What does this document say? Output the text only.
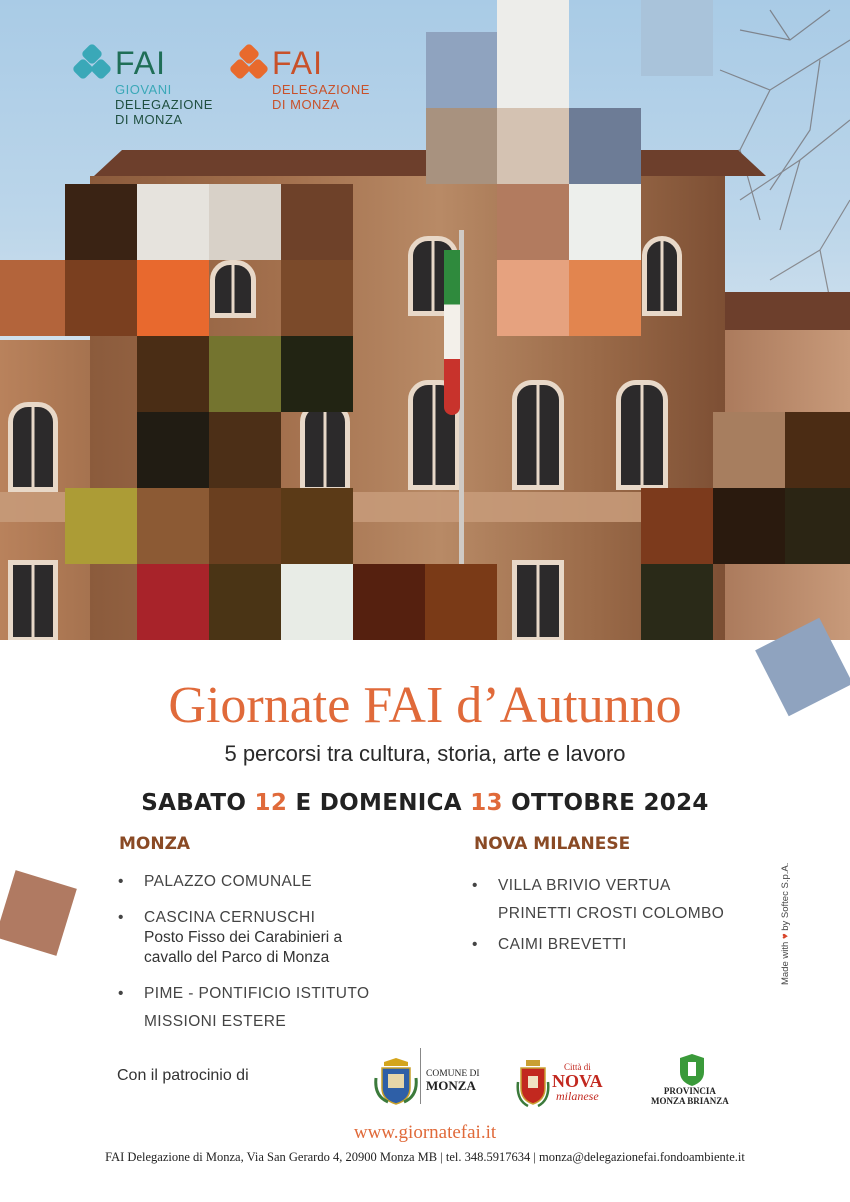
FAI
GIOVANI
DELEGAZIONE
DI MONZA
FAI
DELEGAZIONE
DI MONZA
Giornate FAI d’Autunno
5 percorsi tra cultura, storia, arte e lavoro
SABATO 12 E DOMENICA 13 OTTOBRE 2024
MONZA
• PALAZZO COMUNALE
• CASCINA CERNUSCHI
Posto Fisso dei Carabinieri a
cavallo del Parco di Monza
• PIME - PONTIFICIO ISTITUTO
MISSIONI ESTERE
NOVA MILANESE
• VILLA BRIVIO VERTUA
PRINETTI CROSTI COLOMBO
• CAIMI BREVETTI	Made with ♥ by Softec S.p.A.
Con il patrocinio di	COMUNE DI
MONZA
Città di
NOVA
milanese	PROVINCIA
MONZA BRIANZA
www.giornatefai.it
FAI Delegazione di Monza, Via San Gerardo 4, 20900 Monza MB | tel. 348.5917634 | monza@delegazionefai.fondoambiente.it
